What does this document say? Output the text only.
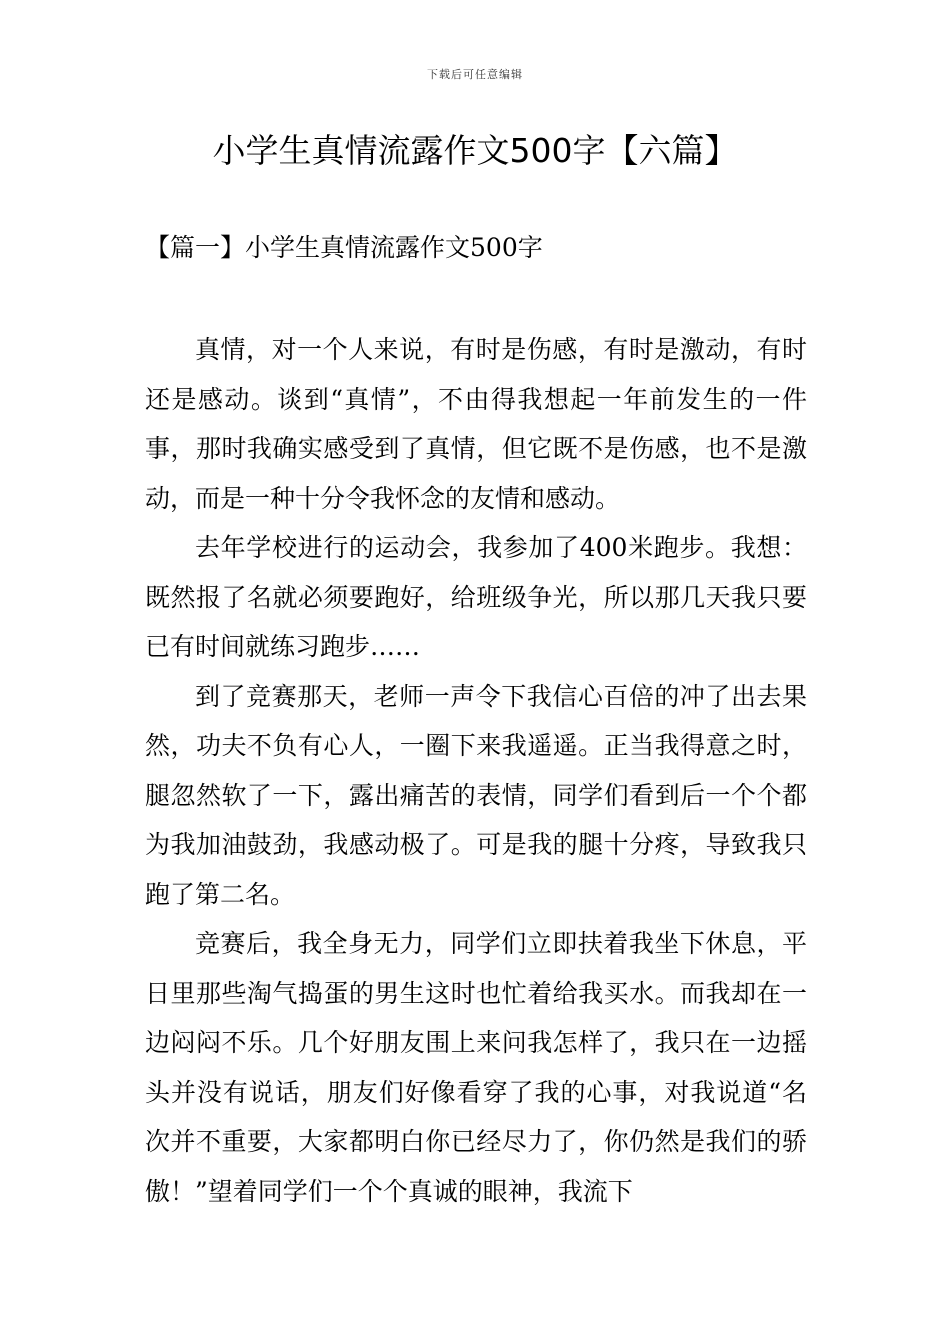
下载后可任意编辑
小学生真情流露作文500字【六篇】
【篇一】小学生真情流露作文500字

真情，对一个人来说，有时是伤感，有时是激动，有时还是感动。谈到“真情”，不由得我想起一年前发生的一件事，那时我确实感受到了真情，但它既不是伤感，也不是激动，而是一种十分令我怀念的友情和感动。

去年学校进行的运动会，我参加了400米跑步。我想：既然报了名就必须要跑好，给班级争光，所以那几天我只要已有时间就练习跑步……

到了竞赛那天，老师一声令下我信心百倍的冲了出去果然，功夫不负有心人，一圈下来我遥遥。正当我得意之时，腿忽然软了一下，露出痛苦的表情，同学们看到后一个个都为我加油鼓劲，我感动极了。可是我的腿十分疼，导致我只跑了第二名。

竞赛后，我全身无力，同学们立即扶着我坐下休息，平日里那些淘气捣蛋的男生这时也忙着给我买水。而我却在一边闷闷不乐。几个好朋友围上来问我怎样了，我只在一边摇头并没有说话，朋友们好像看穿了我的心事，对我说道“名次并不重要，大家都明白你已经尽力了，你仍然是我们的骄傲！”望着同学们一个个真诚的眼神，我流下
